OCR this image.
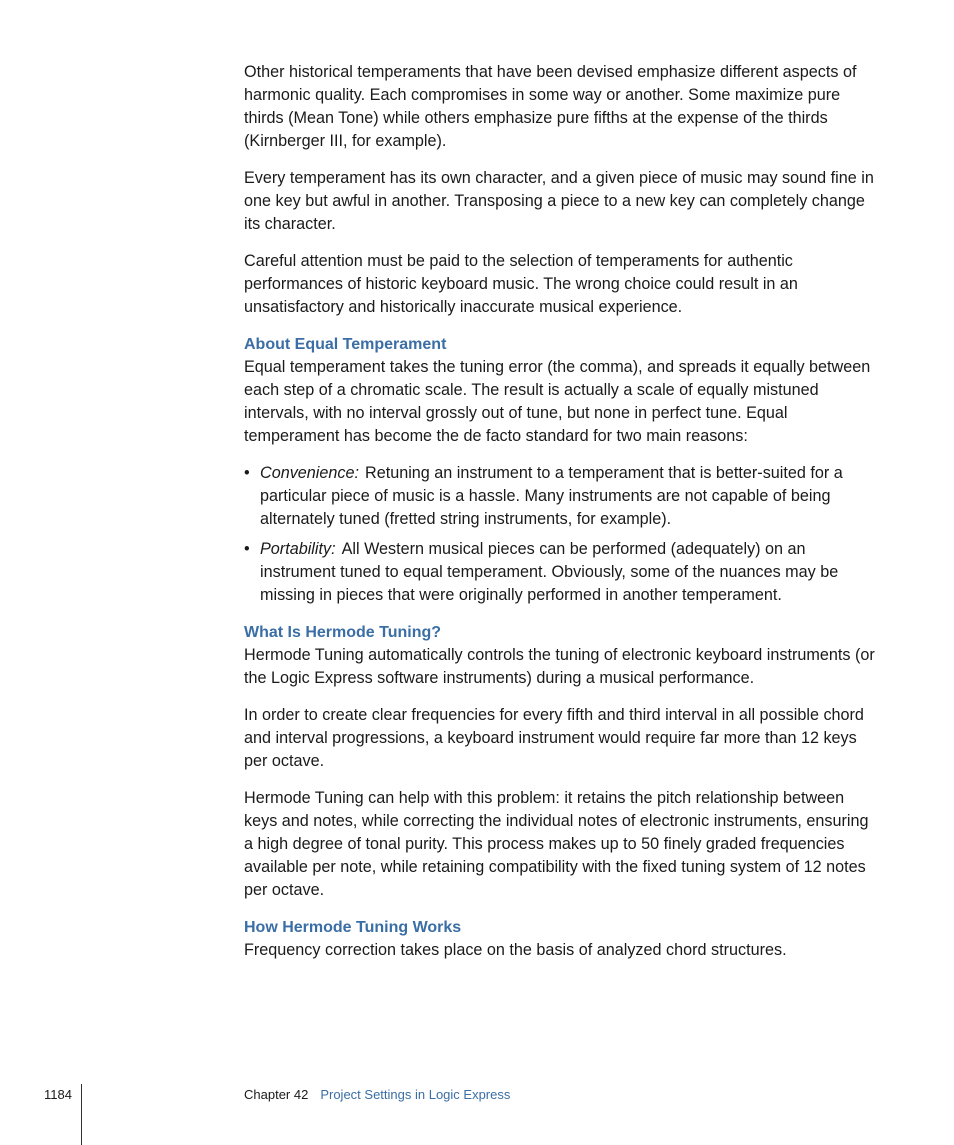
Other historical temperaments that have been devised emphasize different aspects of harmonic quality. Each compromises in some way or another. Some maximize pure thirds (Mean Tone) while others emphasize pure fifths at the expense of the thirds (Kirnberger III, for example).

Every temperament has its own character, and a given piece of music may sound fine in one key but awful in another. Transposing a piece to a new key can completely change its character.

Careful attention must be paid to the selection of temperaments for authentic performances of historic keyboard music. The wrong choice could result in an unsatisfactory and historically inaccurate musical experience.

About Equal Temperament

Equal temperament takes the tuning error (the comma), and spreads it equally between each step of a chromatic scale. The result is actually a scale of equally mistuned intervals, with no interval grossly out of tune, but none in perfect tune. Equal temperament has become the de facto standard for two main reasons:

• Convenience: Retuning an instrument to a temperament that is better-suited for a particular piece of music is a hassle. Many instruments are not capable of being alternately tuned (fretted string instruments, for example).
• Portability: All Western musical pieces can be performed (adequately) on an instrument tuned to equal temperament. Obviously, some of the nuances may be missing in pieces that were originally performed in another temperament.
What Is Hermode Tuning?

Hermode Tuning automatically controls the tuning of electronic keyboard instruments (or the Logic Express software instruments) during a musical performance.

In order to create clear frequencies for every fifth and third interval in all possible chord and interval progressions, a keyboard instrument would require far more than 12 keys per octave.

Hermode Tuning can help with this problem: it retains the pitch relationship between keys and notes, while correcting the individual notes of electronic instruments, ensuring a high degree of tonal purity. This process makes up to 50 finely graded frequencies available per note, while retaining compatibility with the fixed tuning system of 12 notes per octave.

How Hermode Tuning Works

Frequency correction takes place on the basis of analyzed chord structures.

1184	Chapter 42 Project Settings in Logic Express
